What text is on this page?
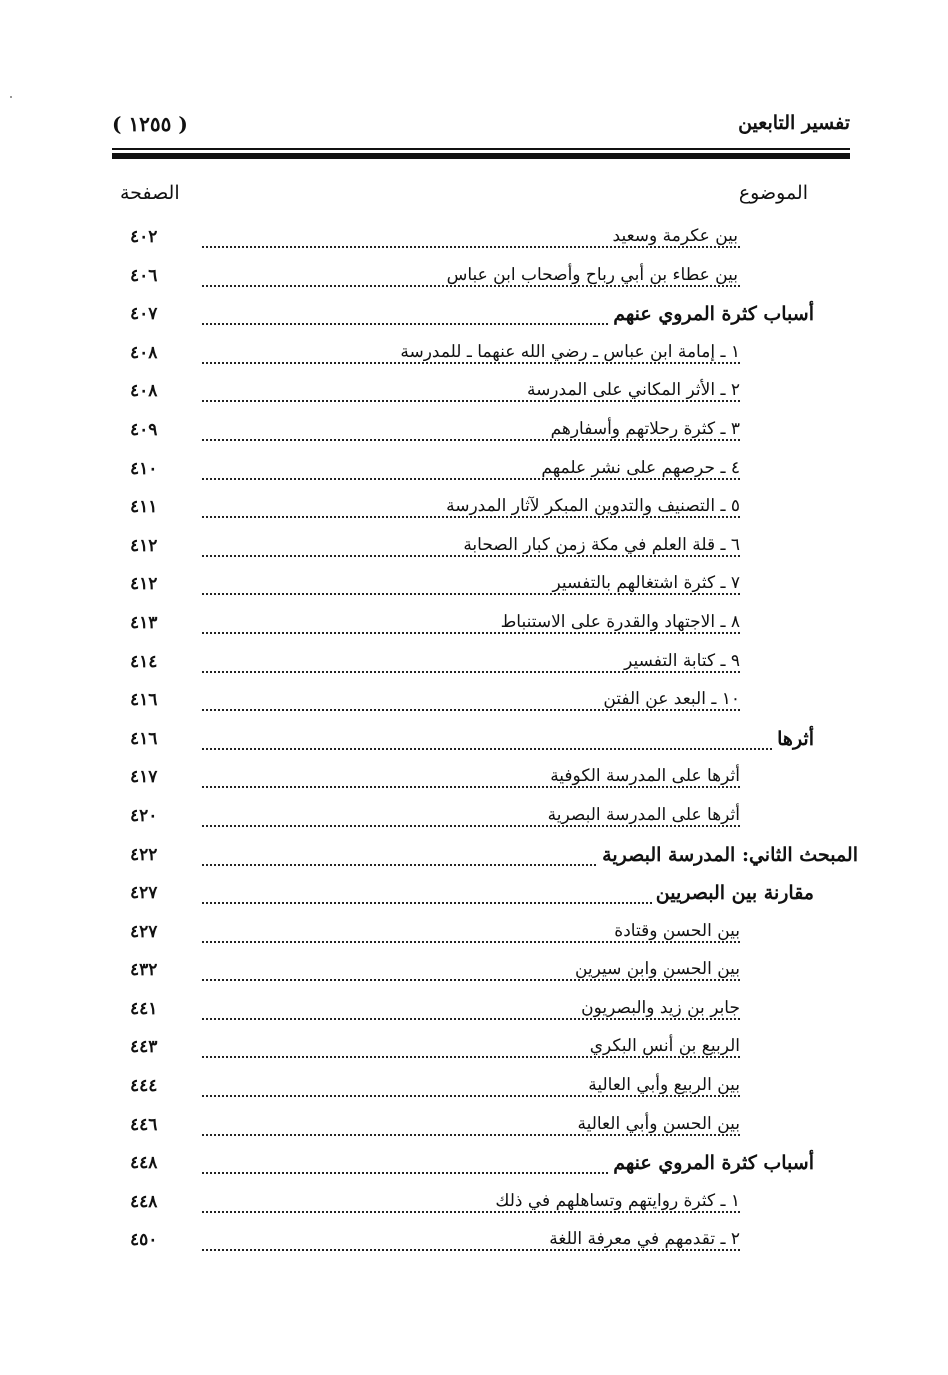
تفسير التابعين
( ١٢٥٥ )
الموضوع
الصفحة
بين عكرمة وسعيد
٤٠٢
بين عطاء بن أبي رباح وأصحاب ابن عباس
٤٠٦
أسباب كثرة المروي عنهم
٤٠٧
١ ـ إمامة ابن عباس ـ رضي الله عنهما ـ للمدرسة
٤٠٨
٢ ـ الأثر المكاني على المدرسة
٤٠٨
٣ ـ كثرة رحلاتهم وأسفارهم
٤٠٩
٤ ـ حرصهم على نشر علمهم
٤١٠
٥ ـ التصنيف والتدوين المبكر لآثار المدرسة
٤١١
٦ ـ قلة العلم في مكة زمن كبار الصحابة
٤١٢
٧ ـ كثرة اشتغالهم بالتفسير
٤١٢
٨ ـ الاجتهاد والقدرة على الاستنباط
٤١٣
٩ ـ كتابة التفسير
٤١٤
١٠ ـ البعد عن الفتن
٤١٦
أثرها
٤١٦
أثرها على المدرسة الكوفية
٤١٧
أثرها على المدرسة البصرية
٤٢٠
المبحث الثاني: المدرسة البصرية
٤٢٢
مقارنة بين البصريين
٤٢٧
بين الحسن وقتادة
٤٢٧
بين الحسن وابن سيرين
٤٣٢
جابر بن زيد والبصريون
٤٤١
الربيع بن أنس البكري
٤٤٣
بين الربيع وأبي العالية
٤٤٤
بين الحسن وأبي العالية
٤٤٦
أسباب كثرة المروي عنهم
٤٤٨
١ ـ كثرة روايتهم وتساهلهم في ذلك
٤٤٨
٢ ـ تقدمهم في معرفة اللغة
٤٥٠
